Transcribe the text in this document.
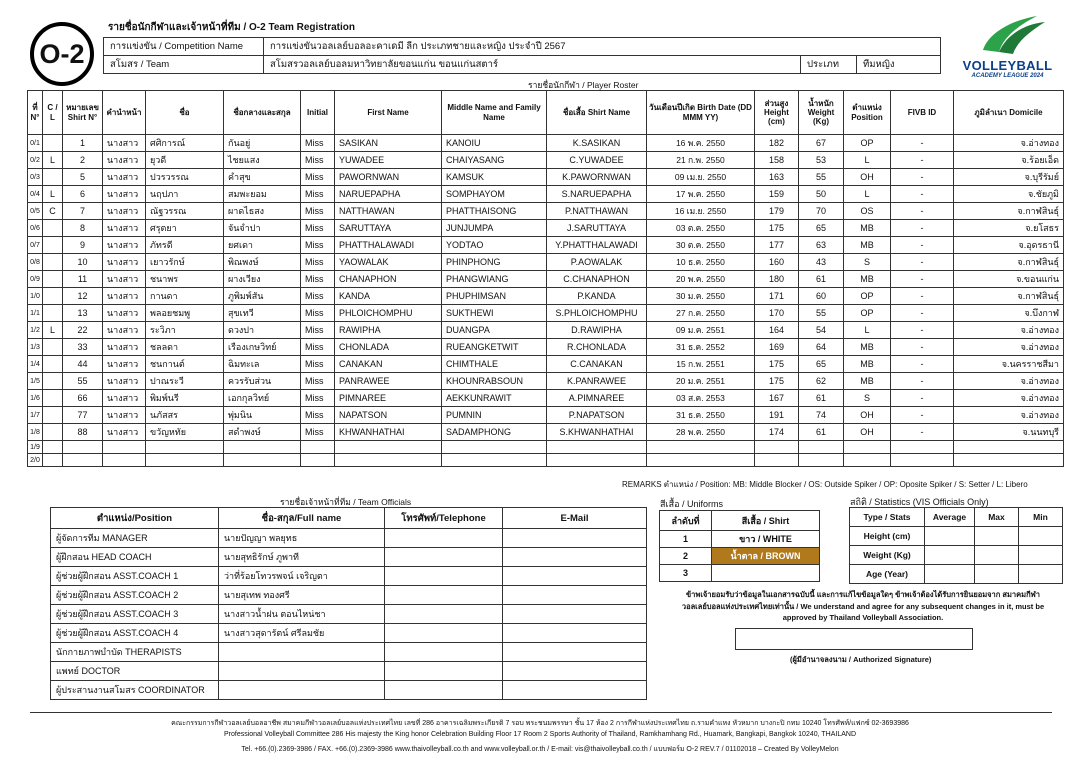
O-2
รายชื่อนักกีฬาและเจ้าหน้าที่ทีม / O-2 Team Registration
การแข่งขัน / Competition Name	การแข่งขันวอลเลย์บอลอะคาเดมี ลีก ประเภทชายและหญิง ประจำปี 2567		
สโมสร / Team	สโมสรวอลเลย์บอลมหาวิทยาลัยขอนแก่น ขอนแก่นสตาร์	ประเภท	ทีมหญิง	VOLLEYBALL
ACADEMY LEAGUE 2024
รายชื่อนักกีฬา / Player Roster
ที่ N°	C / L	หมายเลข Shirt N°	คำนำหน้า	ชื่อ	ชื่อกลางและสกุล	Initial	First Name	Middle Name and Family Name	ชื่อเสื้อ Shirt Name	วันเดือนปีเกิด Birth Date (DD MMM YY)	ส่วนสูง Height (cm)	น้ำหนัก Weight (Kg)	ตำแหน่ง Position	FIVB ID	ภูมิลำเนา Domicile
0/1		1	นางสาว	ศศิการณ์	กันอยู่	Miss	SASIKAN	KANOIU	K.SASIKAN	16 พ.ค. 2550	182	67	OP	-	จ.อ่างทอง
0/2	L	2	นางสาว	ยุวดี	ไชยแสง	Miss	YUWADEE	CHAIYASANG	C.YUWADEE	21 ก.พ. 2550	158	53	L	-	จ.ร้อยเอ็ด
0/3		5	นางสาว	ปวรวรรณ	คำสุข	Miss	PAWORNWAN	KAMSUK	K.PAWORNWAN	09 เม.ย. 2550	163	55	OH	-	จ.บุรีรัมย์
0/4	L	6	นางสาว	นฤปภา	สมพะยอม	Miss	NARUEPAPHA	SOMPHAYOM	S.NARUEPAPHA	17 พ.ค. 2550	159	50	L	-	จ.ชัยภูมิ
0/5	C	7	นางสาว	ณัฐวรรณ	ผาดไธสง	Miss	NATTHAWAN	PHATTHAISONG	P.NATTHAWAN	16 เม.ย. 2550	179	70	OS	-	จ.กาฬสินธุ์
0/6		8	นางสาว	ศรุตยา	จันจำปา	Miss	SARUTTAYA	JUNJUMPA	J.SARUTTAYA	03 ต.ค. 2550	175	65	MB	-	จ.ยโสธร
0/7		9	นางสาว	ภัทรดี	ยศเดา	Miss	PHATTHALAWADI	YODTAO	Y.PHATTHALAWADI	30 ต.ค. 2550	177	63	MB	-	จ.อุดรธานี
0/8		10	นางสาว	เยาวรักษ์	พิณพงษ์	Miss	YAOWALAK	PHINPHONG	P.AOWALAK	10 ธ.ค. 2550	160	43	S	-	จ.กาฬสินธุ์
0/9		11	นางสาว	ชนาพร	ผางเวียง	Miss	CHANAPHON	PHANGWIANG	C.CHANAPHON	20 พ.ค. 2550	180	61	MB	-	จ.ขอนแก่น
1/0		12	นางสาว	กานดา	ภูพิมพ์สัน	Miss	KANDA	PHUPHIMSAN	P.KANDA	30 ม.ค. 2550	171	60	OP	-	จ.กาฬสินธุ์
1/1		13	นางสาว	พลอยชมพู	สุขเทวี	Miss	PHLOICHOMPHU	SUKTHEWI	S.PHLOICHOMPHU	27 ก.ค. 2550	170	55	OP	-	จ.บึงกาฬ
1/2	L	22	นางสาว	ระวิภา	ดวงปา	Miss	RAWIPHA	DUANGPA	D.RAWIPHA	09 ม.ค. 2551	164	54	L	-	จ.อ่างทอง
1/3		33	นางสาว	ชลลดา	เรืองเกษวิทย์	Miss	CHONLADA	RUEANGKETWIT	R.CHONLADA	31 ธ.ค. 2552	169	64	MB	-	จ.อ่างทอง
1/4		44	นางสาว	ชนกานต์	ฉิมทะเล	Miss	CANAKAN	CHIMTHALE	C.CANAKAN	15 ก.พ. 2551	175	65	MB	-	จ.นครราชสีมา
1/5		55	นางสาว	ปาณระวี	ควรรับส่วน	Miss	PANRAWEE	KHOUNRABSOUN	K.PANRAWEE	20 ม.ค. 2551	175	62	MB	-	จ.อ่างทอง
1/6		66	นางสาว	พิมพ์นรี	เอกกุลวิทย์	Miss	PIMNAREE	AEKKUNRAWIT	A.PIMNAREE	03 ส.ค. 2553	167	61	S	-	จ.อ่างทอง
1/7		77	นางสาว	นภัสสร	พุ่มนิน	Miss	NAPATSON	PUMNIN	P.NAPATSON	31 ธ.ค. 2550	191	74	OH	-	จ.อ่างทอง
1/8		88	นางสาว	ขวัญหทัย	สดำพงษ์	Miss	KHWANHATHAI	SADAMPHONG	S.KHWANHATHAI	28 พ.ค. 2550	174	61	OH	-	จ.นนทบุรี
1/9															
2/0															
REMARKS ตำแหน่ง / Position: MB: Middle Blocker / OS: Outside Spiker / OP: Oposite Spiker / S: Setter / L: Libero
รายชื่อเจ้าหน้าที่ทีม / Team Officials
ตำแหน่ง/Position	ชื่อ-สกุล/Full name	โทรศัพท์/Telephone	E-Mail
ผู้จัดการทีม MANAGER	นายปัญญา พลยุทธ		
ผู้ฝึกสอน HEAD COACH	นายสุทธิรักษ์ ภูพาที		
ผู้ช่วยผู้ฝึกสอน ASST.COACH 1	ว่าที่ร้อยโทวรพจน์ เจริญตา		
ผู้ช่วยผู้ฝึกสอน ASST.COACH 2	นายสุเทพ ทองศรี		
ผู้ช่วยผู้ฝึกสอน ASST.COACH 3	นางสาวน้ำฝน ตอนไหน่ชา		
ผู้ช่วยผู้ฝึกสอน ASST.COACH 4	นางสาวสุดารัตน์ ศรีลมชัย		
นักกายภาพบำบัด THERAPISTS			
แพทย์ DOCTOR			
ผู้ประสานงานสโมสร COORDINATOR			
สีเสื้อ / Uniforms
ลำดับที่	สีเสื้อ / Shirt
1	ขาว / WHITE
2	น้ำตาล / BROWN
3	
สถิติ / Statistics (VIS Officials Only)
Type / Stats	Average	Max	Min
Height (cm)			
Weight (Kg)			
Age (Year)			
ข้าพเจ้ายอมรับว่าข้อมูลในเอกสารฉบับนี้ และการแก้ไขข้อมูลใดๆ ข้าพเจ้าต้องได้รับการยินยอมจาก สมาคมกีฬา
วอลเลย์บอลแห่งประเทศไทยเท่านั้น / We understand and agree for any subsequent changes in it, must be
approved by Thailand Volleyball Association.
(ผู้มีอำนาจลงนาม / Authorized Signature)
คณะกรรมการกีฬาวอลเลย์บอลอาชีพ สมาคมกีฬาวอลเลย์บอลแห่งประเทศไทย เลขที่ 286 อาคารเฉลิมพระเกียรติ 7 รอบ พระชนมพรรษา ชั้น 17 ห้อง 2 การกีฬาแห่งประเทศไทย ถ.รามคำแหง หัวหมาก บางกะปิ กทม 10240 โทรศัพท์/แฟกซ์ 02-3693986
Professional Volleyball Committee 286 His majesty the King honor Celebration Building Floor 17 Room 2 Sports Authority of Thailand, Ramkhamhang Rd., Huamark, Bangkapi, Bangkok 10240, THAILAND
Tel. +66.(0).2369-3986 / FAX. +66.(0).2369-3986 www.thaivolleyball.co.th and www.volleyball.or.th / E-mail: vis@thaivolleyball.co.th / แบบฟอร์ม O-2 REV.7 / 01102018 – Created By VolleyMelon
